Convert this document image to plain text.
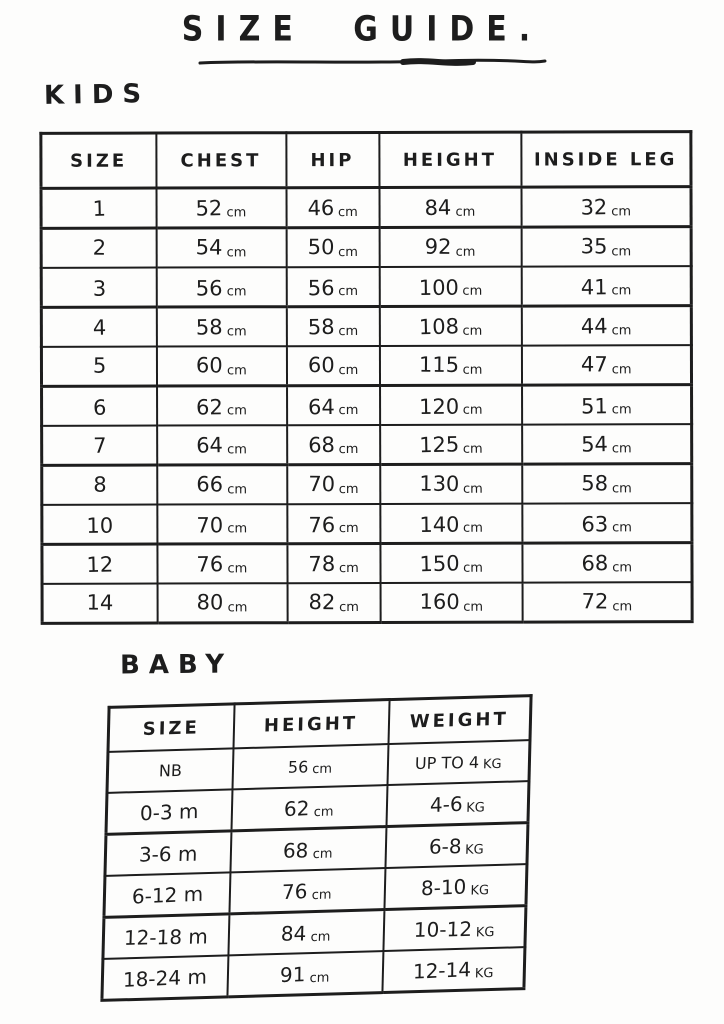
SIZE GUIDE.
KIDS
SIZE	CHEST	HIP	HEIGHT	INSIDE LEG
1	52 cm	46 cm	84 cm	32 cm
2	54 cm	50 cm	92 cm	35 cm
3	56 cm	56 cm	100 cm	41 cm
4	58 cm	58 cm	108 cm	44 cm
5	60 cm	60 cm	115 cm	47 cm
6	62 cm	64 cm	120 cm	51 cm
7	64 cm	68 cm	125 cm	54 cm
8	66 cm	70 cm	130 cm	58 cm
10	70 cm	76 cm	140 cm	63 cm
12	76 cm	78 cm	150 cm	68 cm
14	80 cm	82 cm	160 cm	72 cm
BABY
SIZE	HEIGHT	WEIGHT
NB	56 cm	UP TO 4 KG
0-3 m	62 cm	4-6 KG
3-6 m	68 cm	6-8 KG
6-12 m	76 cm	8-10 KG
12-18 m	84 cm	10-12 KG
18-24 m	91 cm	12-14 KG
